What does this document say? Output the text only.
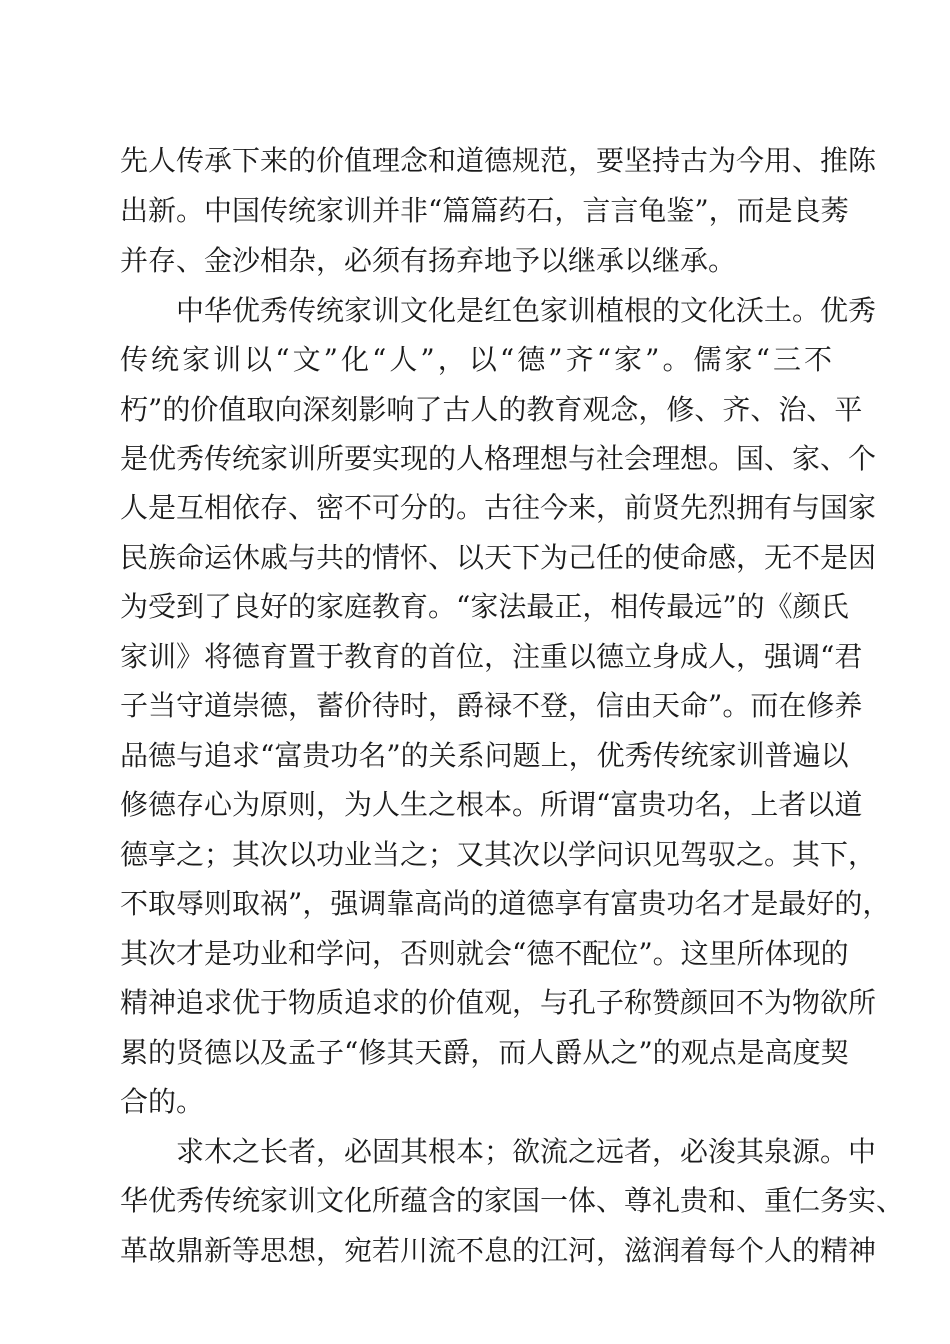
先人传承下来的价值理念和道德规范，要坚持古为今用、推陈

出新。中国传统家训并非“篇篇药石，言言龟鉴”，而是良莠

并存、金沙相杂，必须有扬弃地予以继承以继承。

中华优秀传统家训文化是红色家训植根的文化沃土。优秀

传统家训以“文”化“人”，以“德”齐“家”。儒家“三不

朽”的价值取向深刻影响了古人的教育观念，修、齐、治、平

是优秀传统家训所要实现的人格理想与社会理想。国、家、个

人是互相依存、密不可分的。古往今来，前贤先烈拥有与国家

民族命运休戚与共的情怀、以天下为己任的使命感，无不是因

为受到了良好的家庭教育。“家法最正，相传最远”的《颜氏

家训》将德育置于教育的首位，注重以德立身成人，强调“君

子当守道崇德，蓄价待时，爵禄不登，信由天命”。而在修养

品德与追求“富贵功名”的关系问题上，优秀传统家训普遍以

修德存心为原则，为人生之根本。所谓“富贵功名，上者以道

德享之；其次以功业当之；又其次以学问识见驾驭之。其下，

不取辱则取祸”，强调靠高尚的道德享有富贵功名才是最好的，

其次才是功业和学问，否则就会“德不配位”。这里所体现的

精神追求优于物质追求的价值观，与孔子称赞颜回不为物欲所

累的贤德以及孟子“修其天爵，而人爵从之”的观点是高度契

合的。

求木之长者，必固其根本；欲流之远者，必浚其泉源。中

华优秀传统家训文化所蕴含的家国一体、尊礼贵和、重仁务实、

革故鼎新等思想，宛若川流不息的江河，滋润着每个人的精神
